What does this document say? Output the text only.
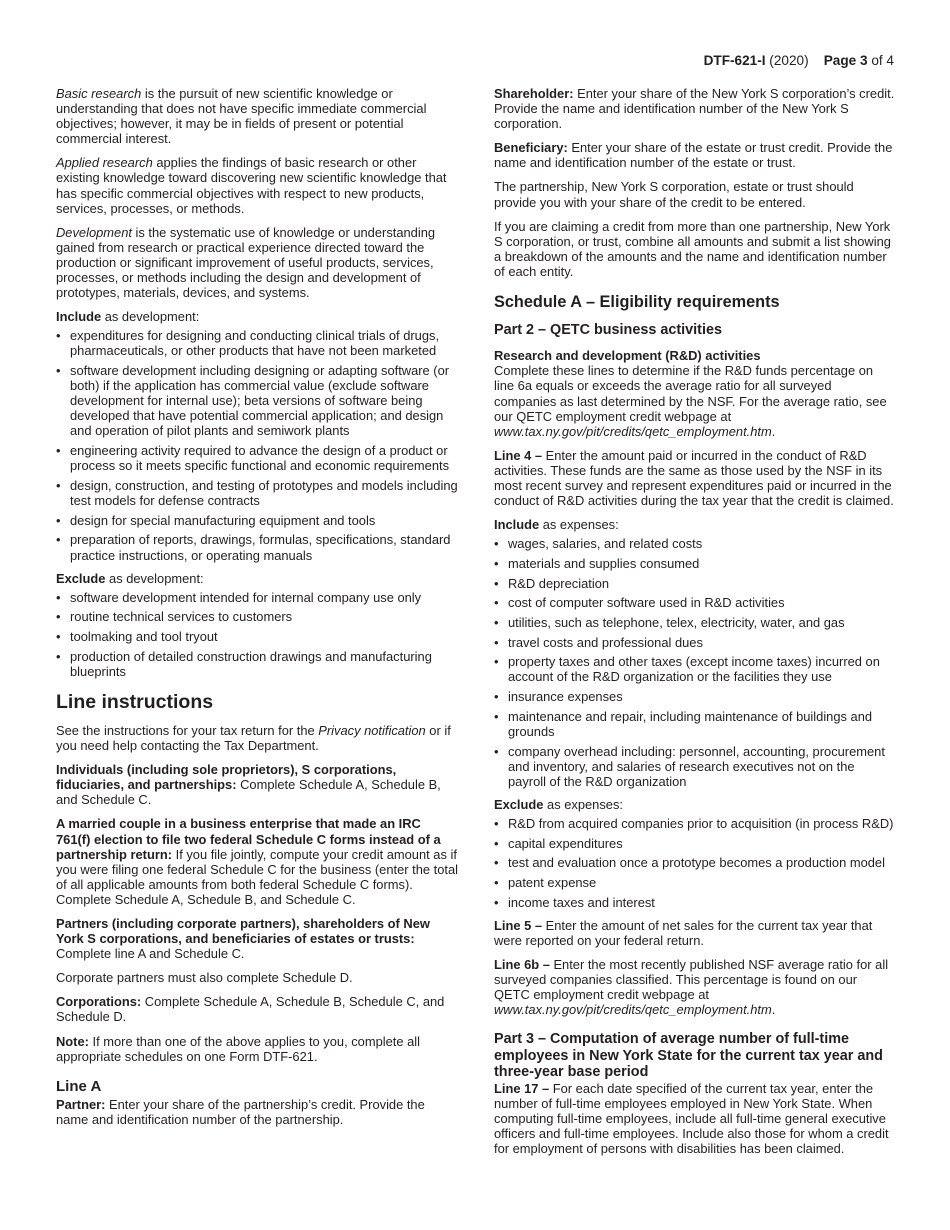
DTF-621-I (2020) Page 3 of 4

Basic research is the pursuit of new scientific knowledge or understanding that does not have specific immediate commercial objectives; however, it may be in fields of present or potential commercial interest.

Applied research applies the findings of basic research or other existing knowledge toward discovering new scientific knowledge that has specific commercial objectives with respect to new products, services, processes, or methods.

Development is the systematic use of knowledge or understanding gained from research or practical experience directed toward the production or significant improvement of useful products, services, processes, or methods including the design and development of prototypes, materials, devices, and systems.

Include as development:

• expenditures for designing and conducting clinical trials of drugs, pharmaceuticals, or other products that have not been marketed
• software development including designing or adapting software (or both) if the application has commercial value (exclude software development for internal use); beta versions of software being developed that have potential commercial application; and design and operation of pilot plants and semiwork plants
• engineering activity required to advance the design of a product or process so it meets specific functional and economic requirements
• design, construction, and testing of prototypes and models including test models for defense contracts
• design for special manufacturing equipment and tools
• preparation of reports, drawings, formulas, specifications, standard practice instructions, or operating manuals

Exclude as development:

• software development intended for internal company use only
• routine technical services to customers
• toolmaking and tool tryout
• production of detailed construction drawings and manufacturing blueprints
Line instructions

See the instructions for your tax return for the Privacy notification or if you need help contacting the Tax Department.

Individuals (including sole proprietors), S corporations, fiduciaries, and partnerships: Complete Schedule A, Schedule B, and Schedule C.

A married couple in a business enterprise that made an IRC 761(f) election to file two federal Schedule C forms instead of a partnership return: If you file jointly, compute your credit amount as if you were filing one federal Schedule C for the business (enter the total of all applicable amounts from both federal Schedule C forms). Complete Schedule A, Schedule B, and Schedule C.

Partners (including corporate partners), shareholders of New York S corporations, and beneficiaries of estates or trusts: Complete line A and Schedule C.

Corporate partners must also complete Schedule D.

Corporations: Complete Schedule A, Schedule B, Schedule C, and Schedule D.

Note: If more than one of the above applies to you, complete all appropriate schedules on one Form DTF-621.

Line A

Partner: Enter your share of the partnership’s credit. Provide the name and identification number of the partnership.

Shareholder: Enter your share of the New York S corporation’s credit. Provide the name and identification number of the New York S corporation.

Beneficiary: Enter your share of the estate or trust credit. Provide the name and identification number of the estate or trust.

The partnership, New York S corporation, estate or trust should provide you with your share of the credit to be entered.

If you are claiming a credit from more than one partnership, New York S corporation, or trust, combine all amounts and submit a list showing a breakdown of the amounts and the name and identification number of each entity.

Schedule A – Eligibility requirements
Part 2 – QETC business activities
Research and development (R&D) activities

Complete these lines to determine if the R&D funds percentage on line 6a equals or exceeds the average ratio for all surveyed companies as last determined by the NSF. For the average ratio, see our QETC employment credit webpage at www.tax.ny.gov/pit/credits/qetc_employment.htm.

Line 4 – Enter the amount paid or incurred in the conduct of R&D activities. These funds are the same as those used by the NSF in its most recent survey and represent expenditures paid or incurred in the conduct of R&D activities during the tax year that the credit is claimed.

Include as expenses:

• wages, salaries, and related costs
• materials and supplies consumed
• R&D depreciation
• cost of computer software used in R&D activities
• utilities, such as telephone, telex, electricity, water, and gas
• travel costs and professional dues
• property taxes and other taxes (except income taxes) incurred on account of the R&D organization or the facilities they use
• insurance expenses
• maintenance and repair, including maintenance of buildings and grounds
• company overhead including: personnel, accounting, procurement and inventory, and salaries of research executives not on the payroll of the R&D organization

Exclude as expenses:

• R&D from acquired companies prior to acquisition (in process R&D)
• capital expenditures
• test and evaluation once a prototype becomes a production model
• patent expense
• income taxes and interest

Line 5 – Enter the amount of net sales for the current tax year that were reported on your federal return.

Line 6b – Enter the most recently published NSF average ratio for all surveyed companies classified. This percentage is found on our QETC employment credit webpage at www.tax.ny.gov/pit/credits/qetc_employment.htm.

Part 3 – Computation of average number of full-time employees in New York State for the current tax year and three-year base period

Line 17 – For each date specified of the current tax year, enter the number of full-time employees employed in New York State. When computing full-time employees, include all full-time general executive officers and full-time employees. Include also those for whom a credit for employment of persons with disabilities has been claimed.
